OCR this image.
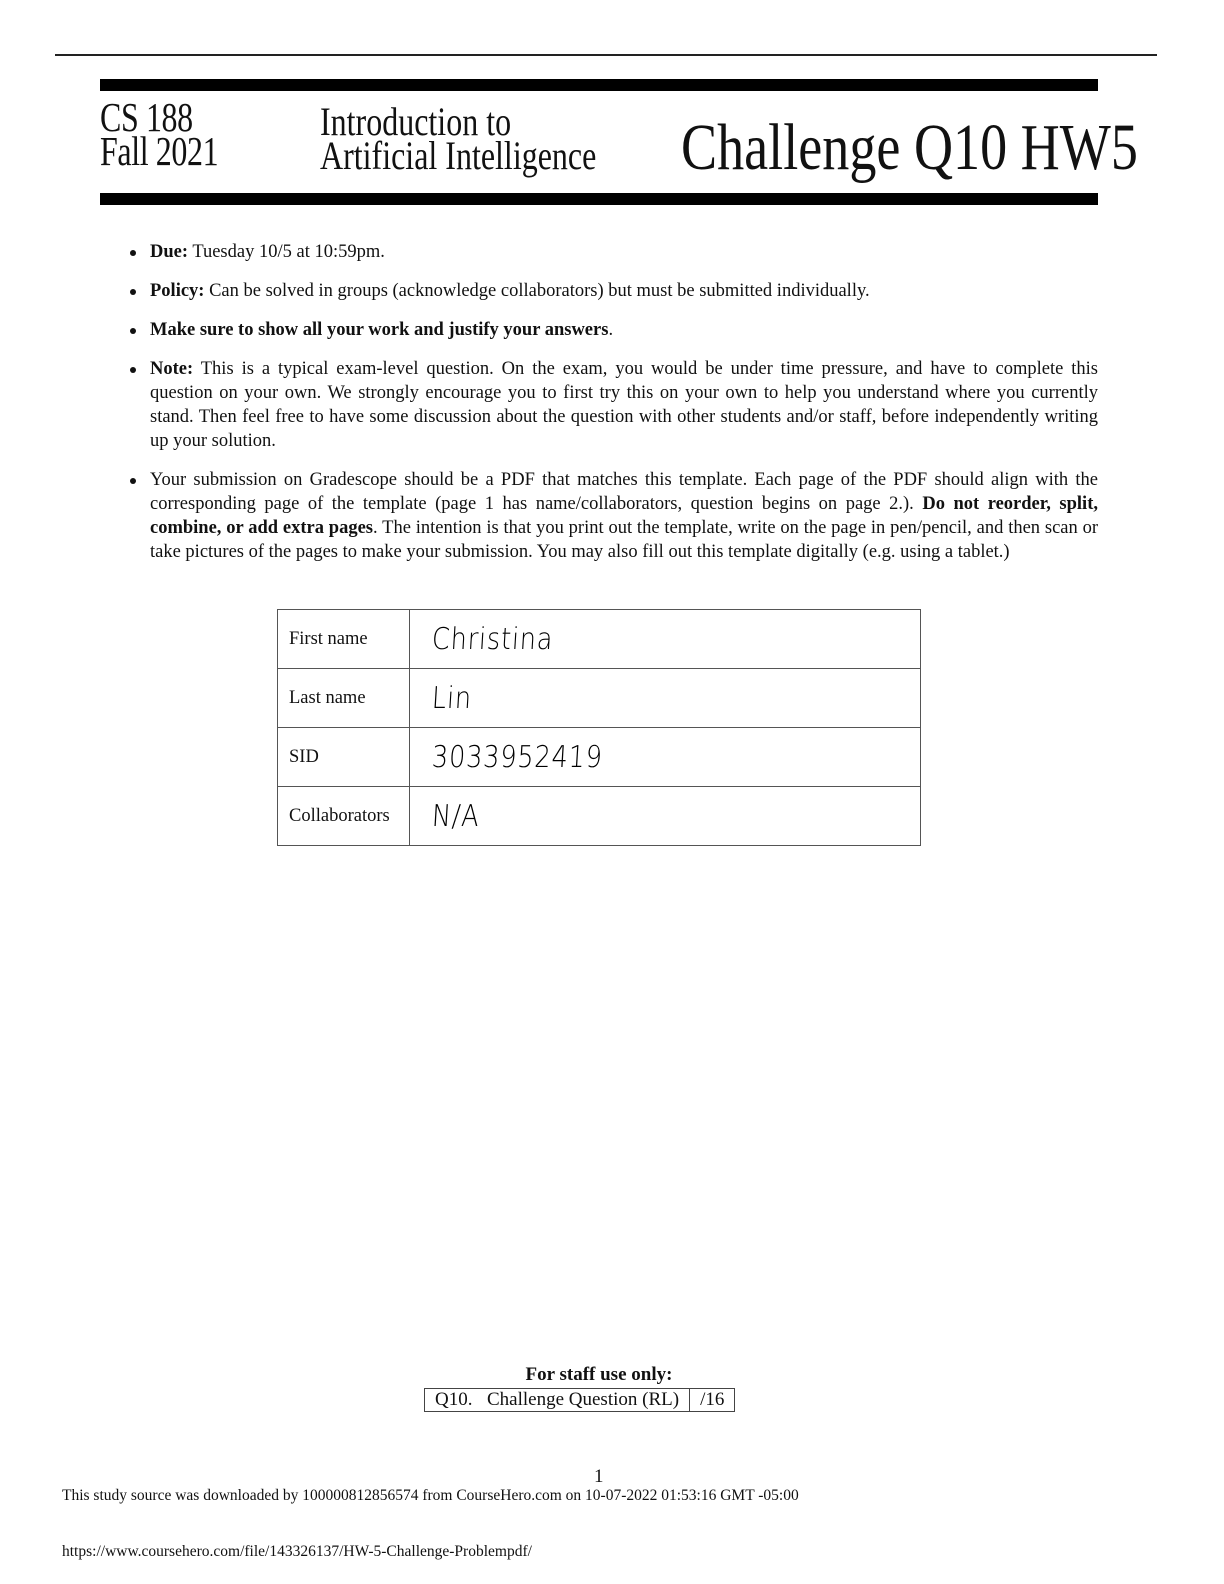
CS 188
Fall 2021
Introduction to
Artificial Intelligence Challenge Q10 HW5
Due: Tuesday 10/5 at 10:59pm.
Policy: Can be solved in groups (acknowledge collaborators) but must be submitted individually.
Make sure to show all your work and justify your answers.
Note: This is a typical exam-level question. On the exam, you would be under time pressure, and have to complete this question on your own. We strongly encourage you to first try this on your own to help you understand where you currently stand. Then feel free to have some discussion about the question with other students and/or staff, before independently writing up your solution.
Your submission on Gradescope should be a PDF that matches this template. Each page of the PDF should align with the corresponding page of the template (page 1 has name/collaborators, question begins on page 2.). Do not reorder, split, combine, or add extra pages. The intention is that you print out the template, write on the page in pen/pencil, and then scan or take pictures of the pages to make your submission. You may also fill out this template digitally (e.g. using a tablet.)
First name	Christina
Last name	Lin
SID	3033952419
Collaborators	N/A
For staff use only:
Q10. Challenge Question (RL)	/16
1
This study source was downloaded by 100000812856574 from CourseHero.com on 10-07-2022 01:53:16 GMT -05:00
https://www.coursehero.com/file/143326137/HW-5-Challenge-Problempdf/
